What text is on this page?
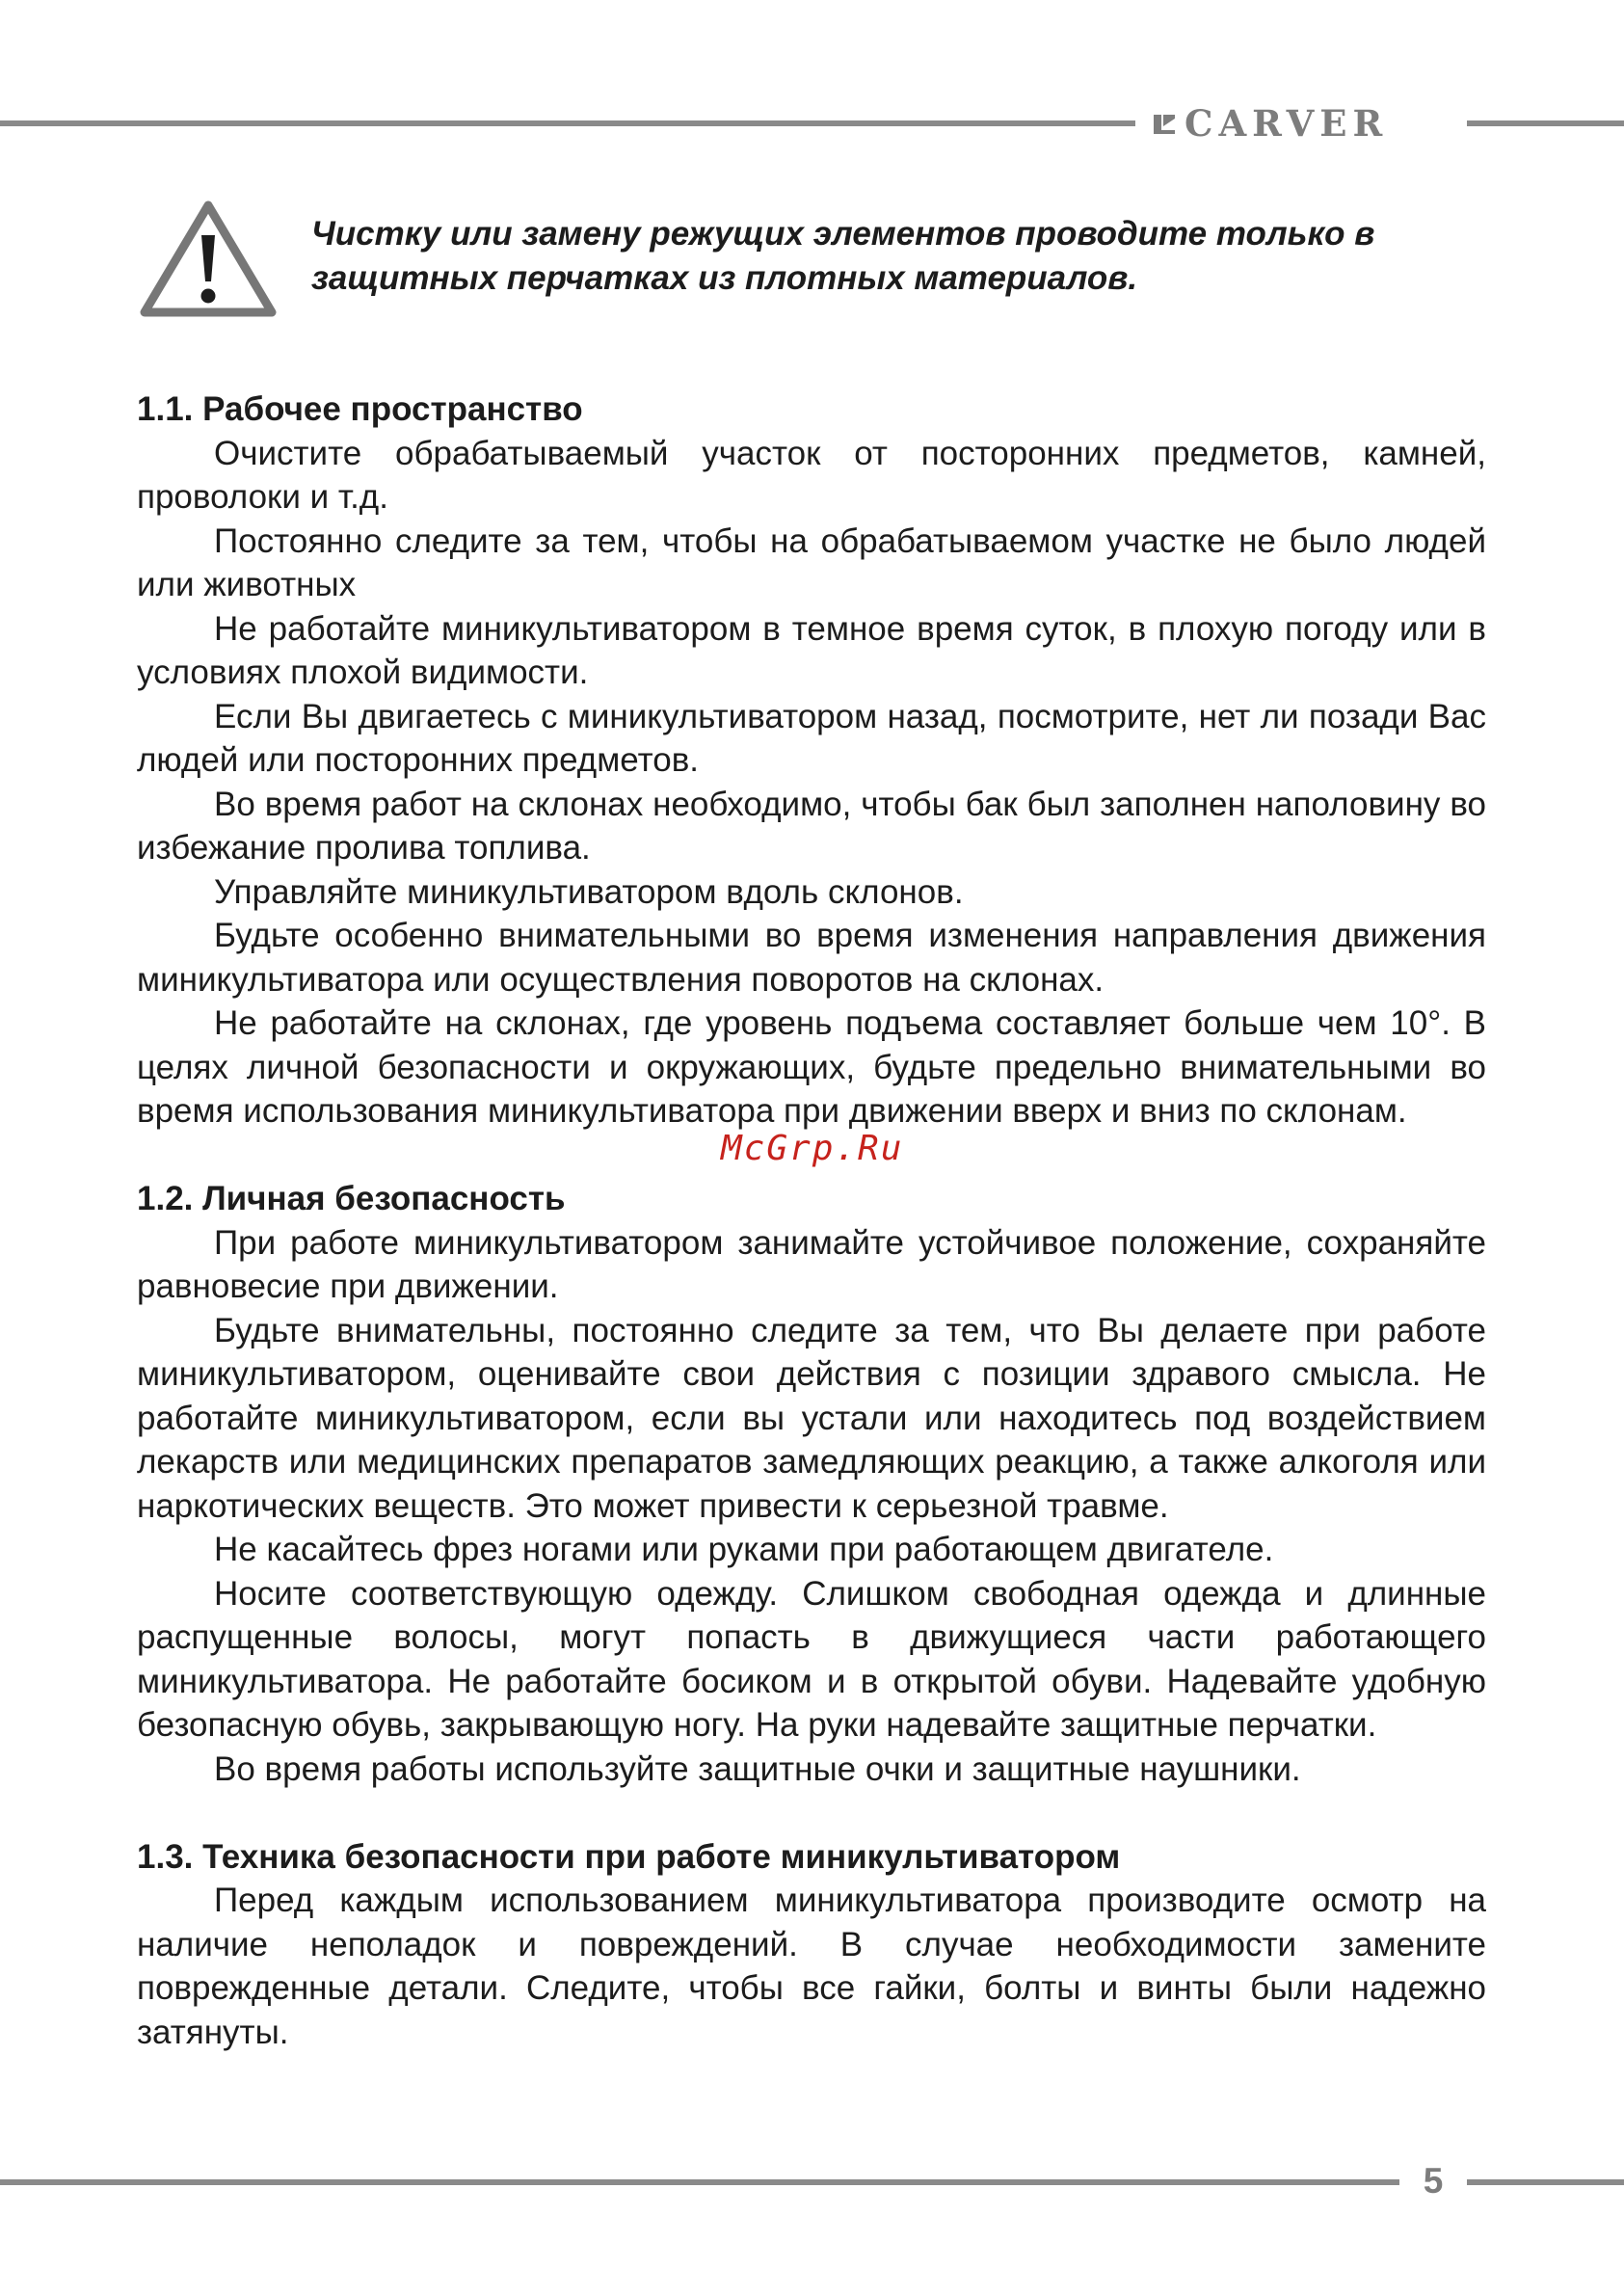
CARVER
Чистку или замену режущих элементов проводите только в защитных перчатках из плотных материалов.

1.1. Рабочее пространство

Очистите обрабатываемый участок от посторонних предметов, камней, проволоки и т.д.

Постоянно следите за тем, чтобы на обрабатываемом участке не было людей или животных

Не работайте миникультиватором в темное время суток, в плохую погоду или в условиях плохой видимости.

Если Вы двигаетесь с миникультиватором назад, посмотрите, нет ли позади Вас людей или посторонних предметов.

Во время работ на склонах необходимо, чтобы бак был заполнен наполовину во избежание пролива топлива.

Управляйте миникультиватором вдоль склонов.

Будьте особенно внимательными во время изменения направления движения миникультиватора или осуществления поворотов на склонах.

Не работайте на склонах, где уровень подъема составляет больше чем 10°. В целях личной безопасности и окружающих, будьте предельно внимательными во время использования миникультиватора при движении вверх и вниз по склонам.

1.2. Личная безопасность

При работе миникультиватором занимайте устойчивое положение, сохраняйте равновесие при движении.

Будьте внимательны, постоянно следите за тем, что Вы делаете при работе миникультиватором, оценивайте свои действия с позиции здравого смысла. Не работайте миникультиватором, если вы устали или находитесь под воздействием лекарств или медицинских препаратов замедляющих реакцию, а также алкоголя или наркотических веществ. Это может привести к серьезной травме.

Не касайтесь фрез ногами или руками при работающем двигателе.

Носите соответствующую одежду. Слишком свободная одежда и длинные распущенные волосы, могут попасть в движущиеся части работающего миникультиватора. Не работайте босиком и в открытой обуви. Надевайте удобную безопасную обувь, закрывающую ногу. На руки надевайте защитные перчатки.

Во время работы используйте защитные очки и защитные наушники.

1.3. Техника безопасности при работе миникультиватором

Перед каждым использованием миникультиватора производите осмотр на наличие неполадок и повреждений. В случае необходимости замените поврежденные детали. Следите, чтобы все гайки, болты и винты были надежно затянуты.

McGrp.Ru
5
